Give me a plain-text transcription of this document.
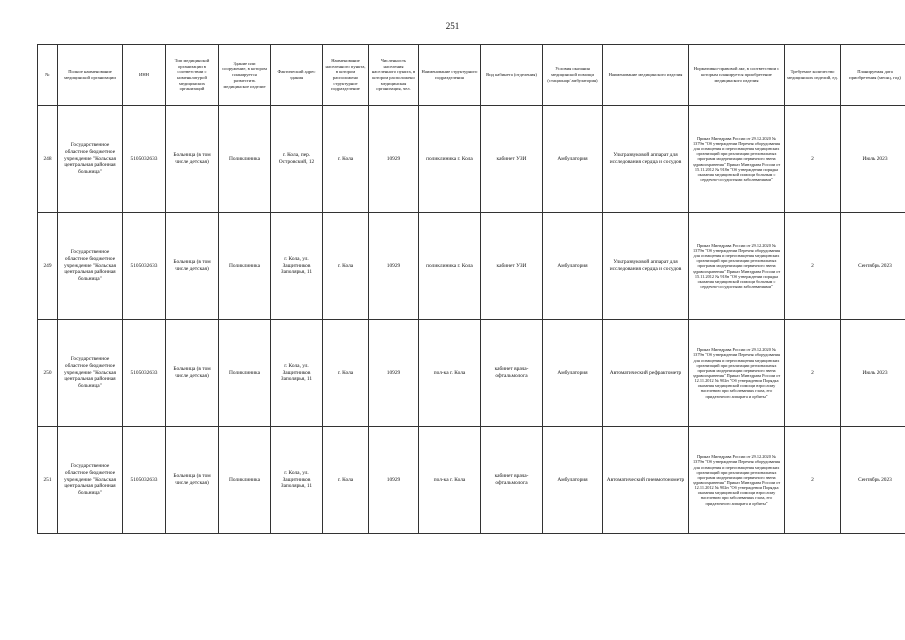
251
№	Полное наименование медицинской организации	ИНН	Тип медицинской организации в соответствии с номенклатурой медицинских организаций	Здание или сооружение, в котором планируется разместить медицинское изделие	Фактический адрес здания	Наименование населенного пункта, в котором расположено структурное подразделение	Численность населения населенного пункта, в котором расположено медицинская организация, чел.	Наименование структурного подразделения	Вид кабинета (отделения)	Условия оказания медицинской помощи (стационар/ амбулатория)	Наименование медицинского изделия	Нормативно-правовой акт, в соответствии с которым планируется приобретение медицинского изделия	Требуемое количество медицинских изделий, ед.	Планируемая дата приобретения (месяц, год)
248	Государственное областное бюджетное учреждение "Кольская центральная районная больница"	5105032633	Больница (в том числе детская)	Поликлиника	г. Кола, пер. Островский, 12	г. Кола	10929	поликлиника г. Кола	кабинет УЗИ	Амбулатория	Ультразвуковой аппарат для исследования сердца и сосудов	Приказ Минздрава России от 29.12.2020 № 1379н "Об утверждении Перечня оборудования для оснащения и переоснащения медицинских организаций при реализации региональных программ модернизации первичного звена здравоохранения" Приказ Минздрава России от 15.11.2012 № 918н "Об утверждении порядка оказания медицинской помощи больным с сердечно-сосудистыми заболеваниями"	2	Июль 2023
249	Государственное областное бюджетное учреждение "Кольская центральная районная больница"	5105032633	Больница (в том числе детская)	Поликлиника	г. Кола, ул. Защитников Заполярья, 11	г. Кола	10929	поликлиника г. Кола	кабинет УЗИ	Амбулатория	Ультразвуковой аппарат для исследования сердца и сосудов	Приказ Минздрава России от 29.12.2020 № 1379н "Об утверждении Перечня оборудования для оснащения и переоснащения медицинских организаций при реализации региональных программ модернизации первичного звена здравоохранения" Приказ Минздрава России от 15.11.2012 № 918н "Об утверждении порядка оказания медицинской помощи больным с сердечно-сосудистыми заболеваниями"	2	Сентябрь 2023
250	Государственное областное бюджетное учреждение "Кольская центральная районная больница"	5105032633	Больница (в том числе детская)	Поликлиника	г. Кола, ул. Защитников Заполярья, 11	г. Кола	10929	пол-ка г. Кола	кабинет врача-офтальмолога	Амбулатория	Автоматический рефрактометр	Приказ Минздрава России от 29.12.2020 № 1379н "Об утверждении Перечня оборудования для оснащения и переоснащения медицинских организаций при реализации региональных программ модернизации первичного звена здравоохранения" Приказ Минздрава России от 12.11.2012 № 902н "Об утверждении Порядка оказания медицинской помощи взрослому населению при заболеваниях глаза, его придаточного аппарата и орбиты"	2	Июль 2023
251	Государственное областное бюджетное учреждение "Кольская центральная районная больница"	5105032633	Больница (в том числе детская)	Поликлиника	г. Кола, ул. Защитников Заполярья, 11	г. Кола	10929	пол-ка г. Кола	кабинет врача-офтальмолога	Амбулатория	Автоматический пневмотонометр	Приказ Минздрава России от 29.12.2020 № 1379н "Об утверждении Перечня оборудования для оснащения и переоснащения медицинских организаций при реализации региональных программ модернизации первичного звена здравоохранения" Приказ Минздрава России от 12.11.2012 № 902н "Об утверждении Порядка оказания медицинской помощи взрослому населению при заболеваниях глаза, его придаточного аппарата и орбиты"	2	Сентябрь 2023
